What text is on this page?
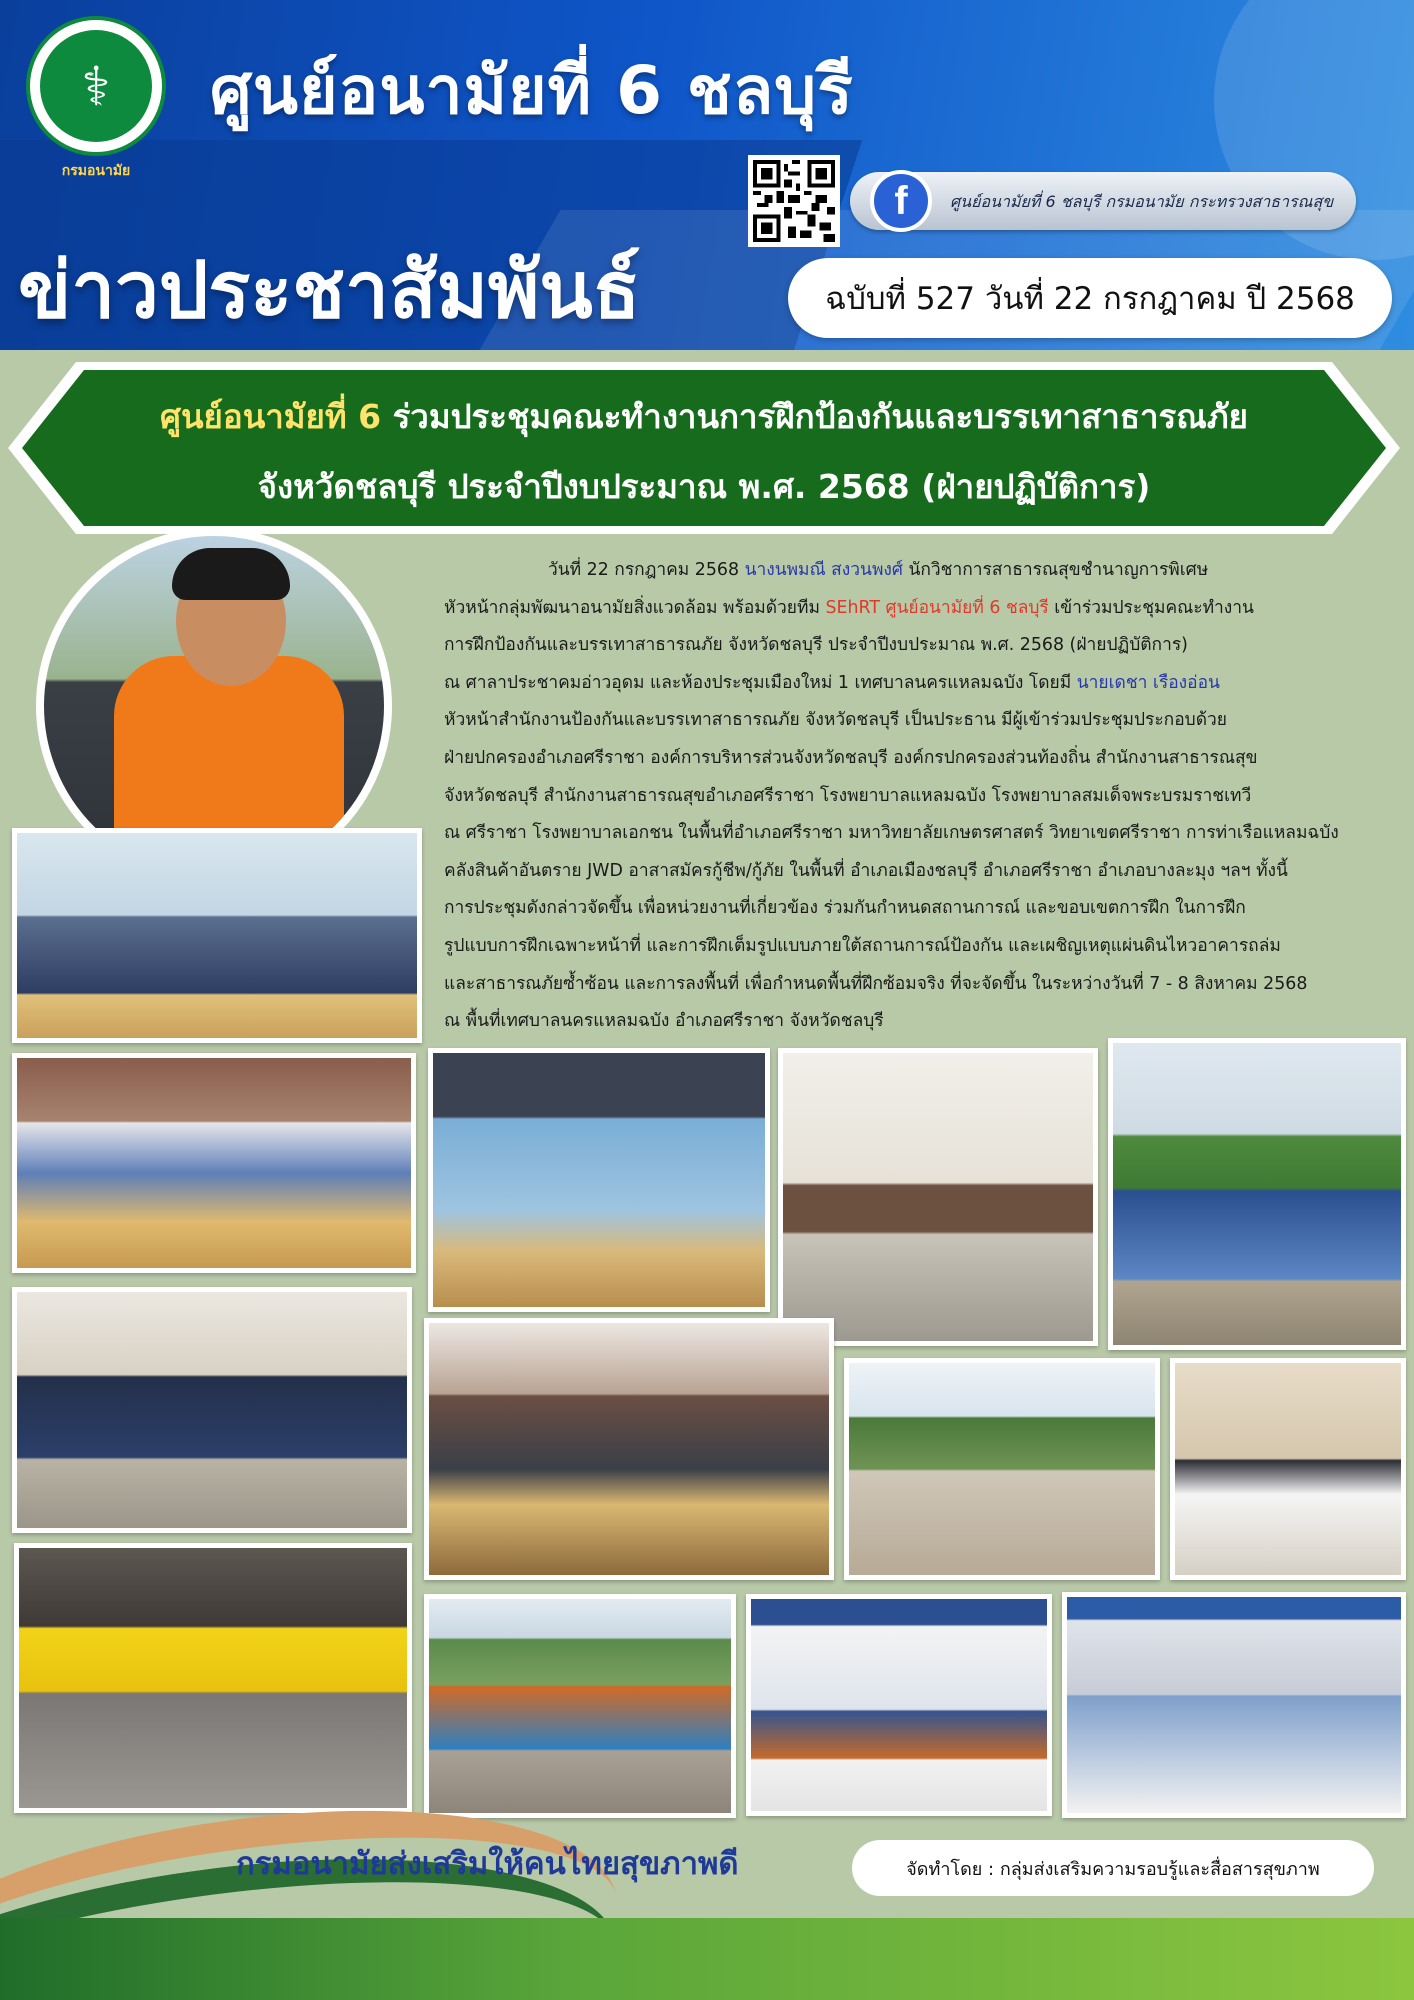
⚕
กรมอนามัย
ศูนย์อนามัยที่ 6 ชลบุรี
ข่าวประชาสัมพันธ์
f	ศูนย์อนามัยที่ 6 ชลบุรี กรมอนามัย กระทรวงสาธารณสุข
ฉบับที่ 527 วันที่ 22 กรกฎาคม ปี 2568
ศูนย์อนามัยที่ 6 ร่วมประชุมคณะทำงานการฝึกป้องกันและบรรเทาสาธารณภัย
จังหวัดชลบุรี ประจำปีงบประมาณ พ.ศ. 2568 (ฝ่ายปฏิบัติการ)
วันที่ 22 กรกฎาคม 2568 นางนพมณี สงวนพงศ์ นักวิชาการสาธารณสุขชำนาญการพิเศษ
หัวหน้ากลุ่มพัฒนาอนามัยสิ่งแวดล้อม พร้อมด้วยทีม SEhRT ศูนย์อนามัยที่ 6 ชลบุรี เข้าร่วมประชุมคณะทำงาน
การฝึกป้องกันและบรรเทาสาธารณภัย จังหวัดชลบุรี ประจำปีงบประมาณ พ.ศ. 2568 (ฝ่ายปฏิบัติการ)
ณ ศาลาประชาคมอ่าวอุดม และห้องประชุมเมืองใหม่ 1 เทศบาลนครแหลมฉบัง โดยมี นายเดชา เรืองอ่อน
หัวหน้าสำนักงานป้องกันและบรรเทาสาธารณภัย จังหวัดชลบุรี เป็นประธาน มีผู้เข้าร่วมประชุมประกอบด้วย
ฝ่ายปกครองอำเภอศรีราชา องค์การบริหารส่วนจังหวัดชลบุรี องค์กรปกครองส่วนท้องถิ่น สำนักงานสาธารณสุข
จังหวัดชลบุรี สำนักงานสาธารณสุขอำเภอศรีราชา โรงพยาบาลแหลมฉบัง โรงพยาบาลสมเด็จพระบรมราชเทวี
ณ ศรีราชา โรงพยาบาลเอกชน ในพื้นที่อำเภอศรีราชา มหาวิทยาลัยเกษตรศาสตร์ วิทยาเขตศรีราชา การท่าเรือแหลมฉบัง
คลังสินค้าอันตราย JWD อาสาสมัครกู้ชีพ/กู้ภัย ในพื้นที่ อำเภอเมืองชลบุรี อำเภอศรีราชา อำเภอบางละมุง ฯลฯ ทั้งนี้
การประชุมดังกล่าวจัดขึ้น เพื่อหน่วยงานที่เกี่ยวข้อง ร่วมกันกำหนดสถานการณ์ และขอบเขตการฝึก ในการฝึก
รูปแบบการฝึกเฉพาะหน้าที่ และการฝึกเต็มรูปแบบภายใต้สถานการณ์ป้องกัน และเผชิญเหตุแผ่นดินไหวอาคารถล่ม
และสาธารณภัยซ้ำซ้อน และการลงพื้นที่ เพื่อกำหนดพื้นที่ฝึกซ้อมจริง ที่จะจัดขึ้น ในระหว่างวันที่ 7 - 8 สิงหาคม 2568
ณ พื้นที่เทศบาลนครแหลมฉบัง อำเภอศรีราชา จังหวัดชลบุรี
กรมอนามัยส่งเสริมให้คนไทยสุขภาพดี	จัดทำโดย : กลุ่มส่งเสริมความรอบรู้และสื่อสารสุขภาพ
